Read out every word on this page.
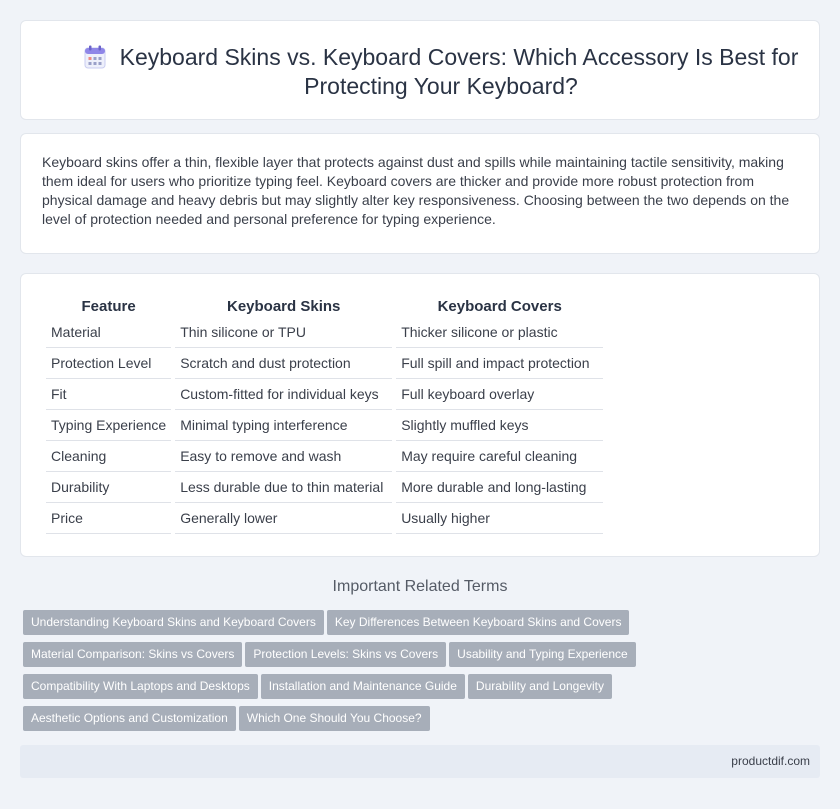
Keyboard Skins vs. Keyboard Covers: Which Accessory Is Best for Protecting Your Keyboard?
Keyboard skins offer a thin, flexible layer that protects against dust and spills while maintaining tactile sensitivity, making them ideal for users who prioritize typing feel. Keyboard covers are thicker and provide more robust protection from physical damage and heavy debris but may slightly alter key responsiveness. Choosing between the two depends on the level of protection needed and personal preference for typing experience.
Feature	Keyboard Skins	Keyboard Covers
Material	Thin silicone or TPU	Thicker silicone or plastic
Protection Level	Scratch and dust protection	Full spill and impact protection
Fit	Custom-fitted for individual keys	Full keyboard overlay
Typing Experience	Minimal typing interference	Slightly muffled keys
Cleaning	Easy to remove and wash	May require careful cleaning
Durability	Less durable due to thin material	More durable and long-lasting
Price	Generally lower	Usually higher
Important Related Terms
Understanding Keyboard Skins and Keyboard Covers Key Differences Between Keyboard Skins and Covers
Material Comparison: Skins vs Covers Protection Levels: Skins vs Covers Usability and Typing Experience
Compatibility With Laptops and Desktops Installation and Maintenance Guide Durability and Longevity
Aesthetic Options and Customization Which One Should You Choose?
productdif.com
